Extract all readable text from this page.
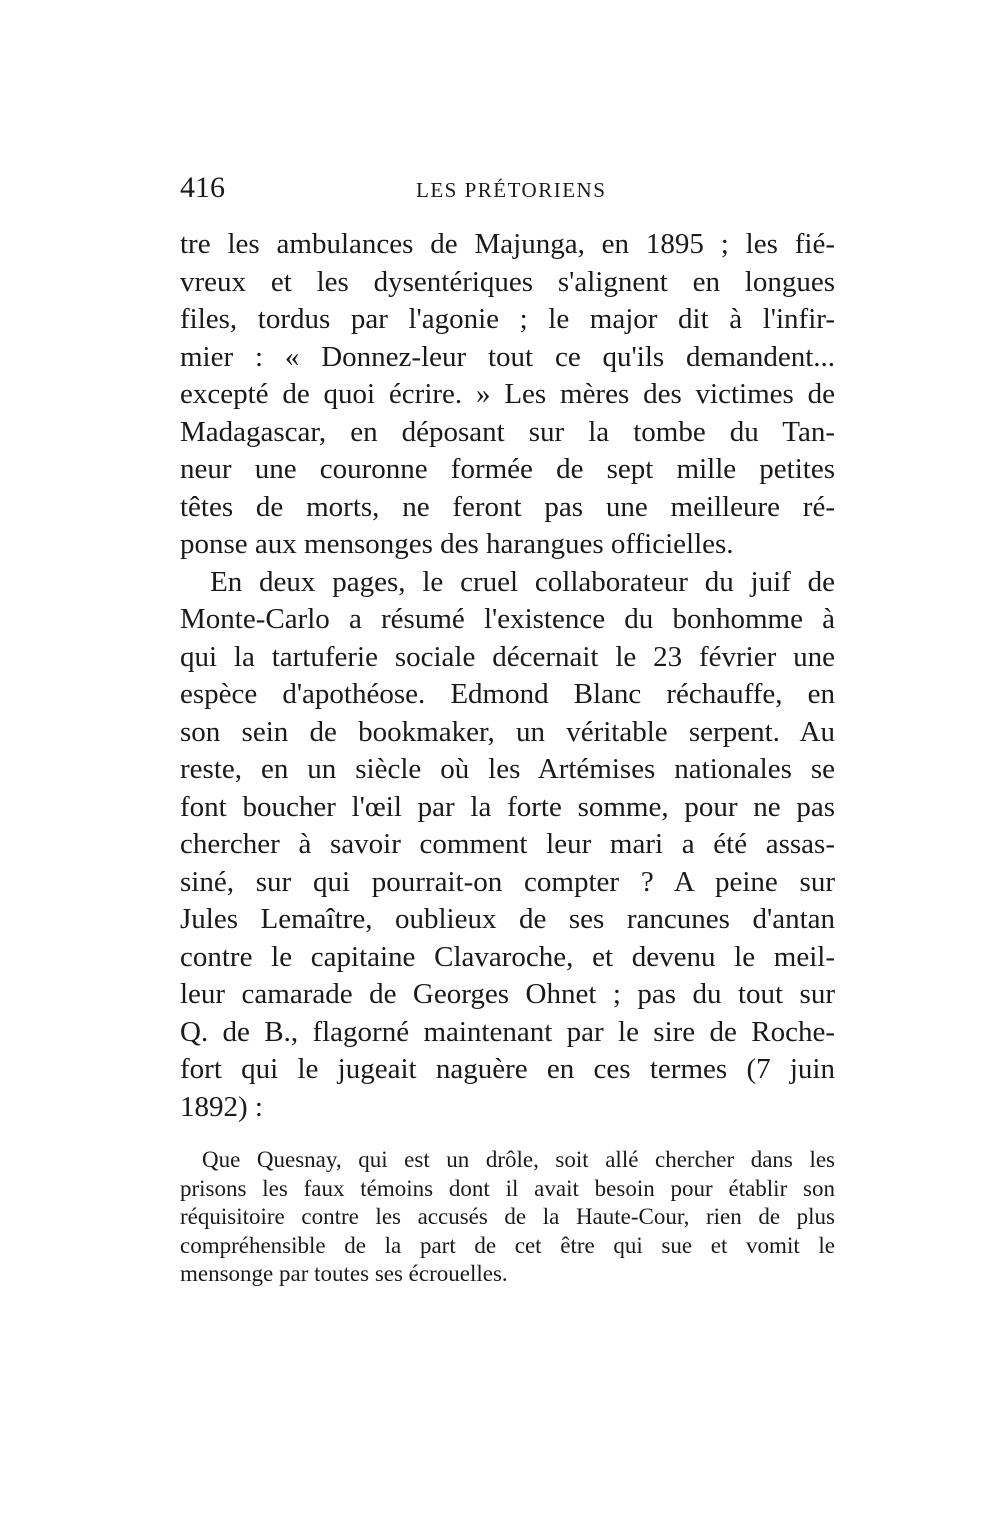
416	LES PRÉTORIENS
tre les ambulances de Majunga, en 1895 ; les fié-
vreux et les dysentériques s'alignent en longues
files, tordus par l'agonie ; le major dit à l'infir-
mier : « Donnez-leur tout ce qu'ils demandent...
excepté de quoi écrire. » Les mères des victimes de
Madagascar, en déposant sur la tombe du Tan-
neur une couronne formée de sept mille petites
têtes de morts, ne feront pas une meilleure ré-
ponse aux mensonges des harangues officielles.
En deux pages, le cruel collaborateur du juif de
Monte-Carlo a résumé l'existence du bonhomme à
qui la tartuferie sociale décernait le 23 février une
espèce d'apothéose. Edmond Blanc réchauffe, en
son sein de bookmaker, un véritable serpent. Au
reste, en un siècle où les Artémises nationales se
font boucher l'œil par la forte somme, pour ne pas
chercher à savoir comment leur mari a été assas-
siné, sur qui pourrait-on compter ? A peine sur
Jules Lemaître, oublieux de ses rancunes d'antan
contre le capitaine Clavaroche, et devenu le meil-
leur camarade de Georges Ohnet ; pas du tout sur
Q. de B., flagorné maintenant par le sire de Roche-
fort qui le jugeait naguère en ces termes (7 juin
1892) :
Que Quesnay, qui est un drôle, soit allé chercher dans les
prisons les faux témoins dont il avait besoin pour établir son
réquisitoire contre les accusés de la Haute-Cour, rien de plus
compréhensible de la part de cet être qui sue et vomit le
mensonge par toutes ses écrouelles.
